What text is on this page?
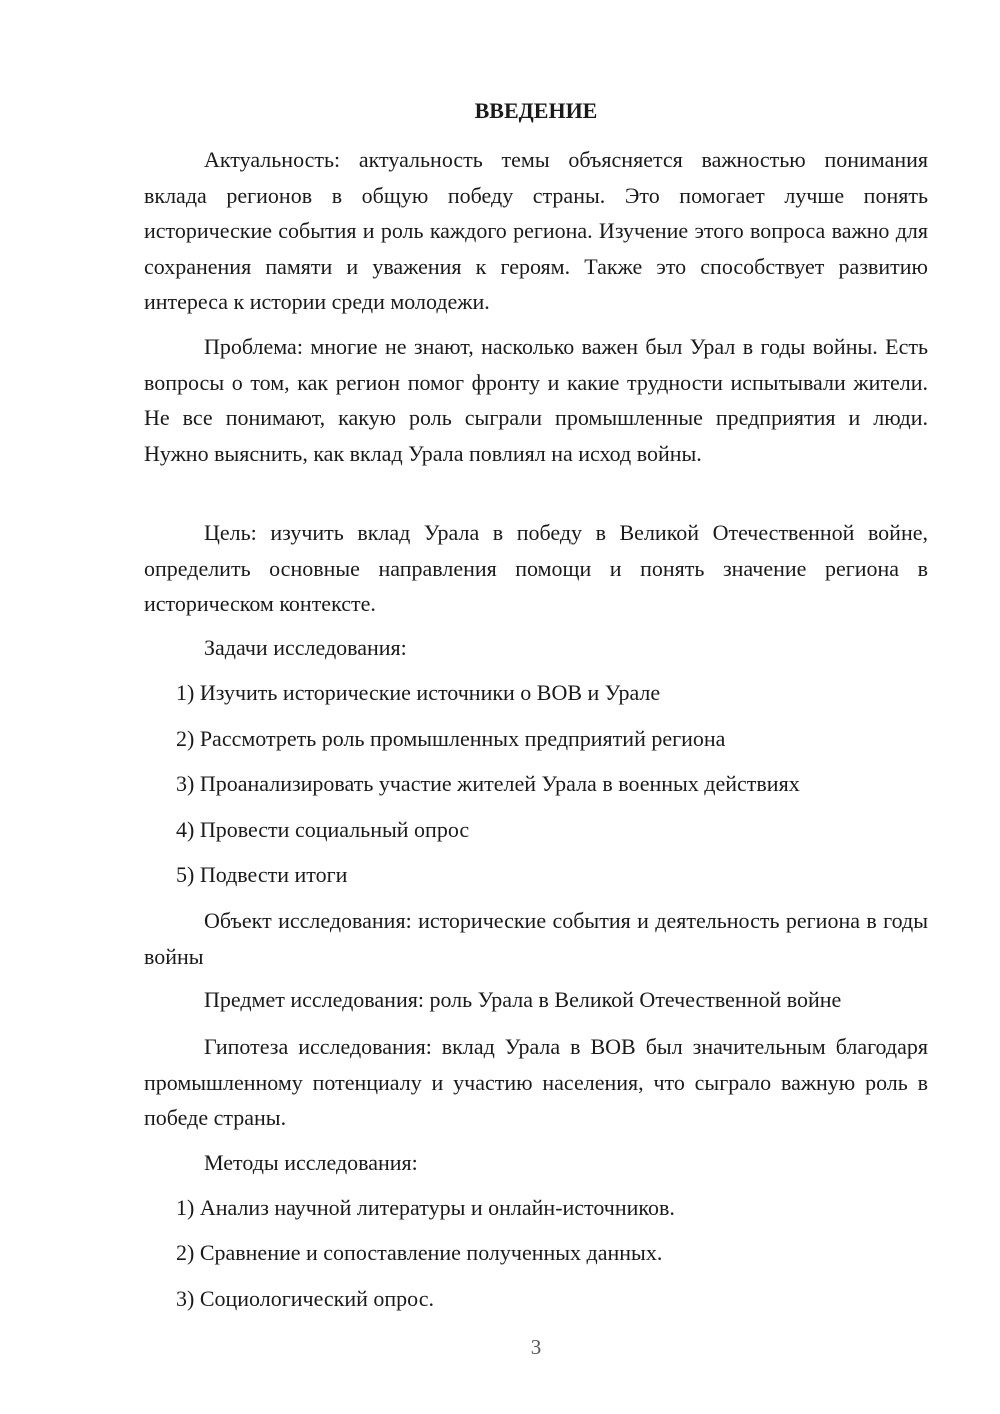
ВВЕДЕНИЕ

Актуальность: актуальность темы объясняется важностью понимания вклада регионов в общую победу страны. Это помогает лучше понять исторические события и роль каждого региона. Изучение этого вопроса важно для сохранения памяти и уважения к героям. Также это способствует развитию интереса к истории среди молодежи.

Проблема: многие не знают, насколько важен был Урал в годы войны. Есть вопросы о том, как регион помог фронту и какие трудности испытывали жители. Не все понимают, какую роль сыграли промышленные предприятия и люди. Нужно выяснить, как вклад Урала повлиял на исход войны.

Цель: изучить вклад Урала в победу в Великой Отечественной войне, определить основные направления помощи и понять значение региона в историческом контексте.

Задачи исследования:

1) Изучить исторические источники о ВОВ и Урале

2) Рассмотреть роль промышленных предприятий региона

3) Проанализировать участие жителей Урала в военных действиях

4) Провести социальный опрос

5) Подвести итоги

Объект исследования: исторические события и деятельность региона в годы войны

Предмет исследования: роль Урала в Великой Отечественной войне

Гипотеза исследования: вклад Урала в ВОВ был значительным благодаря промышленному потенциалу и участию населения, что сыграло важную роль в победе страны.

Методы исследования:

1) Анализ научной литературы и онлайн-источников.

2) Сравнение и сопоставление полученных данных.

3) Социологический опрос.

3
